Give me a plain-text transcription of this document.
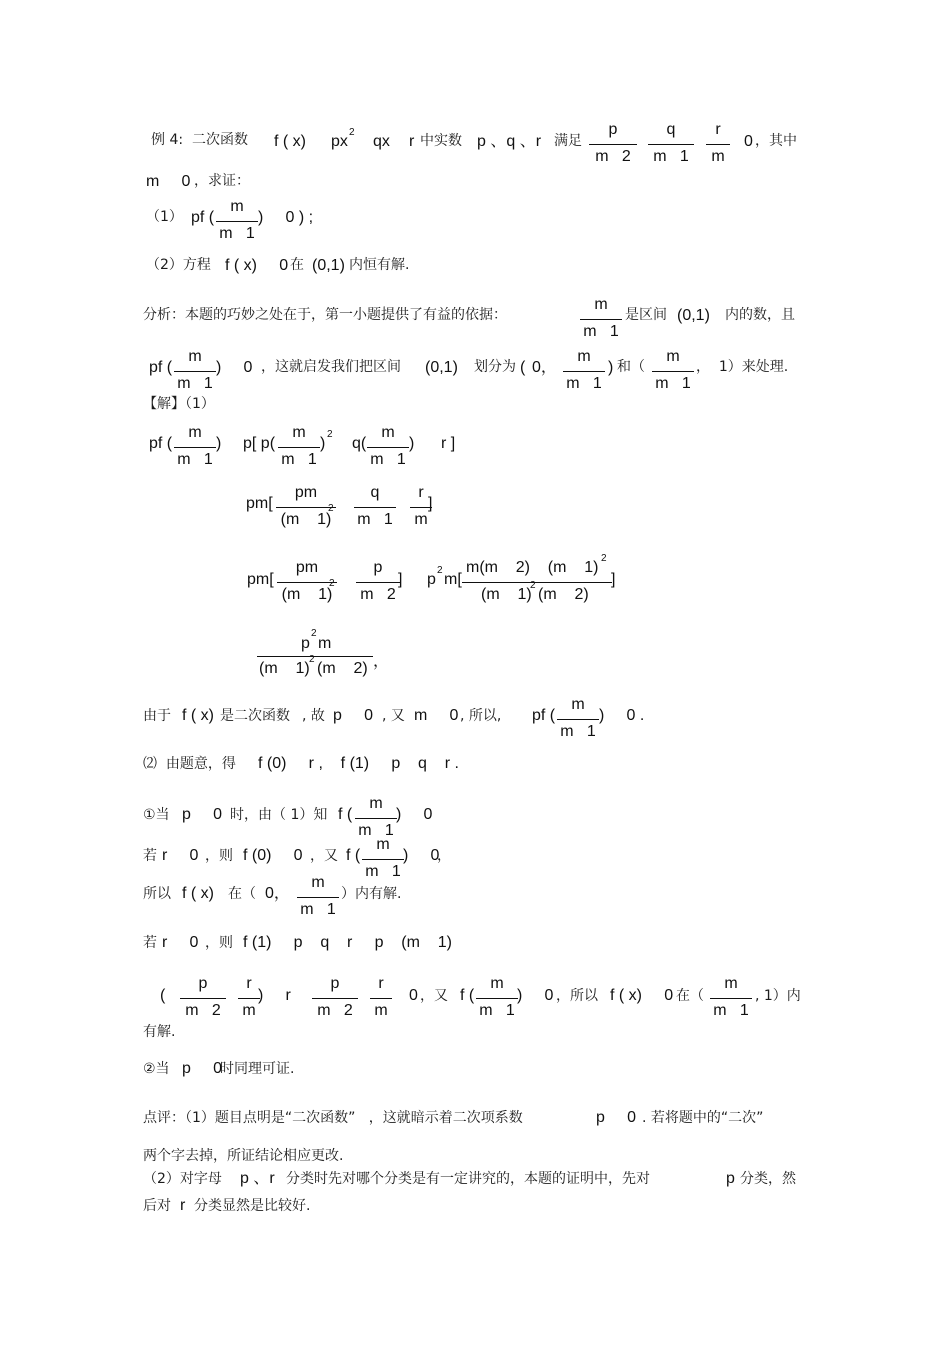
例 4:  二次函数 f ( x) px
2
qx r 中实数 p 、q 、r 满足
p
m   2
q
m   1
r
m
0 ，其中
m     0 ，求证：
（1） pf (
m
m   1
)     0 ) ;
（2）方程 f ( x)     0 在 (0,1) 内恒有解.
分析：本题的巧妙之处在于，第一小题提供了有益的依据：
m
m   1
是区间 (0,1) 内的数，且
pf (
m
m   1
)     0 ，这就启发我们把区间 (0,1) 划分为 ( 0，
m
m   1
) 和（
m
m   1
，  1）来处理.
【解】（1）
pf (
m
m   1
) p[ p(
m
m   1
)
2
q(
m
m   1
)      r ]
pm[
pm
(m    1)
2
q
m   1
r
m
]
pm[
pm
(m    1)
2
p
m   2
] p
2
m[
m(m    2)    (m    1)
2
(m    1)
2
(m    2)
]
p
2
m
(m    1)
2
(m    2) ，
由于 f ( x) 是二次函数 , 故 p     0 , 又 m     0 , 所以, pf (
m
m   1
)     0 .
⑵  由题意，得 f (0)     r ,    f (1)     p    q    r .
①当 p     0 时，由（ 1）知 f (
m
m   1
)     0
若 r     0 ，则 f (0)     0 ，又 f (
m
m   1
)     0
，
所以 f ( x) 在（ 0，
m
m   1
）内有解.
若 r     0 ，则 f (1)     p    q    r     p    (m    1)
(
p
m   2
r
m
)     r
p
m   2
r
m
0 ，又 f (
m
m   1
)     0 ，所以 f ( x)     0 在（
m
m   1
, 1）内
有解.
②当 p     0
时同理可证.
点评：（1）题目点明是“二次函数”   ，这就暗示着二次项系数	p     0 . 若将题中的“二次”
两个字去掉，所证结论相应更改.
（2）对字母 p 、r 分类时先对哪个分类是有一定讲究的，本题的证明中，先对	p 分类，然
后对 r 分类显然是比较好.
